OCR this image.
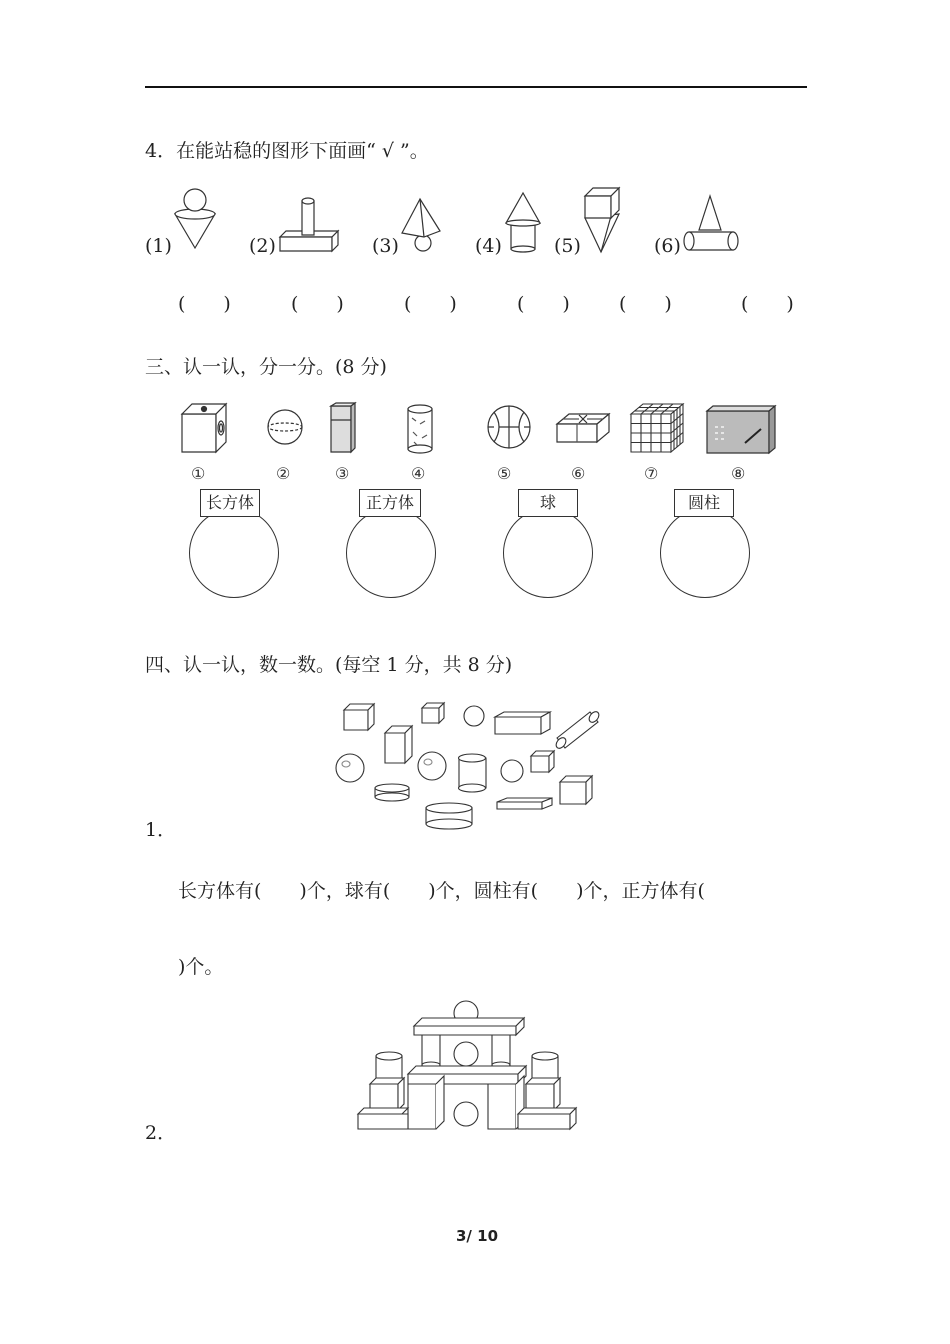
4．在能站稳的图形下面画“ √ ”。
(1)	(2)	(3)	(4)	(5)	(6)
(　　)	(　　)	(　　)	(　　)	(　　)	(　　)
三、认一认，分一分。(8 分)
①	②	③	④	⑤	⑥	⑦	⑧
长方体	正方体	球	圆柱
四、认一认，数一数。(每空 1 分，共 8 分)
1．
长方体有(　　)个，球有(　　)个，圆柱有(　　)个，正方体有(
)个。
2．
3/ 10
